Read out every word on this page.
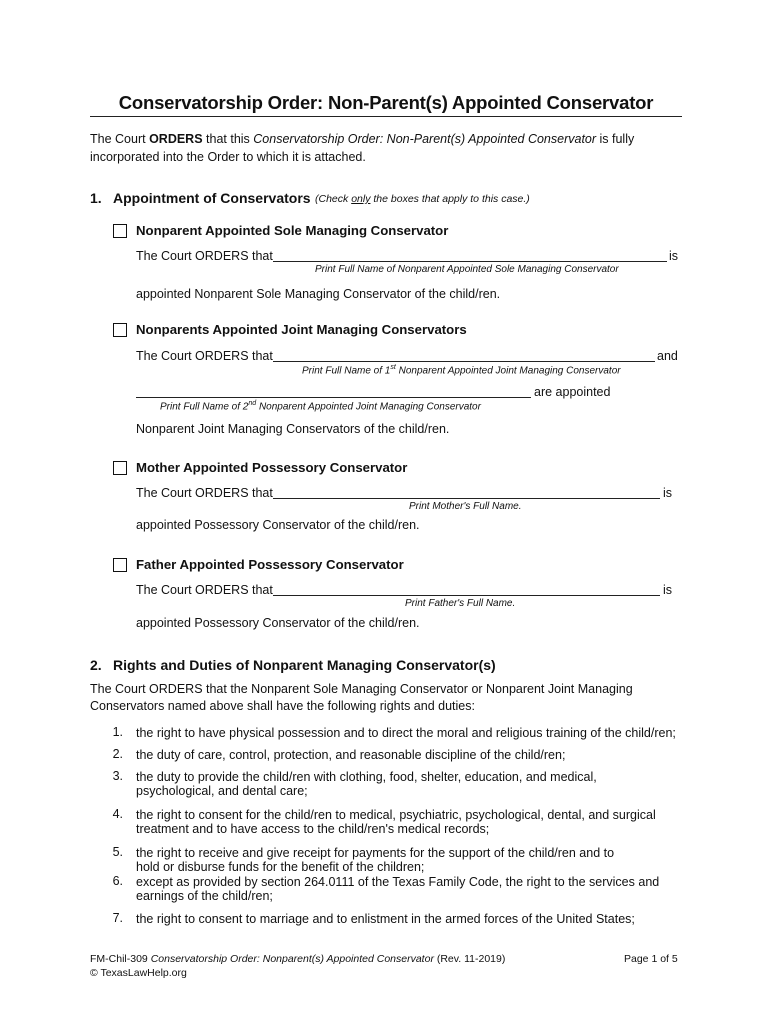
Conservatorship Order: Non-Parent(s) Appointed Conservator
The Court ORDERS that this Conservatorship Order: Non-Parent(s) Appointed Conservator is fully
incorporated into the Order to which it is attached.
1. Appointment of Conservators (Check only the boxes that apply to this case.)
Nonparent Appointed Sole Managing Conservator
The Court ORDERS that	is
Print Full Name of Nonparent Appointed Sole Managing Conservator
appointed Nonparent Sole Managing Conservator of the child/ren.
Nonparents Appointed Joint Managing Conservators
The Court ORDERS that	and
Print Full Name of 1st Nonparent Appointed Joint Managing Conservator
are appointed
Print Full Name of 2nd Nonparent Appointed Joint Managing Conservator
Nonparent Joint Managing Conservators of the child/ren.
Mother Appointed Possessory Conservator
The Court ORDERS that	is
Print Mother's Full Name.
appointed Possessory Conservator of the child/ren.
Father Appointed Possessory Conservator
The Court ORDERS that	is
Print Father's Full Name.
appointed Possessory Conservator of the child/ren.
2. Rights and Duties of Nonparent Managing Conservator(s)
The Court ORDERS that the Nonparent Sole Managing Conservator or Nonparent Joint Managing
Conservators named above shall have the following rights and duties:
1. the right to have physical possession and to direct the moral and religious training of the child/ren;
2. the duty of care, control, protection, and reasonable discipline of the child/ren;
3. the duty to provide the child/ren with clothing, food, shelter, education, and medical, psychological, and dental care;
4. the right to consent for the child/ren to medical, psychiatric, psychological, dental, and surgical treatment and to have access to the child/ren's medical records;
5. the right to receive and give receipt for payments for the support of the child/ren and to hold or disburse funds for the benefit of the children;
6. except as provided by section 264.0111 of the Texas Family Code, the right to the services and earnings of the child/ren;
7. the right to consent to marriage and to enlistment in the armed forces of the United States;
FM-Chil-309 Conservatorship Order: Nonparent(s) Appointed Conservator (Rev. 11-2019)
© TexasLawHelp.org
Page 1 of 5
